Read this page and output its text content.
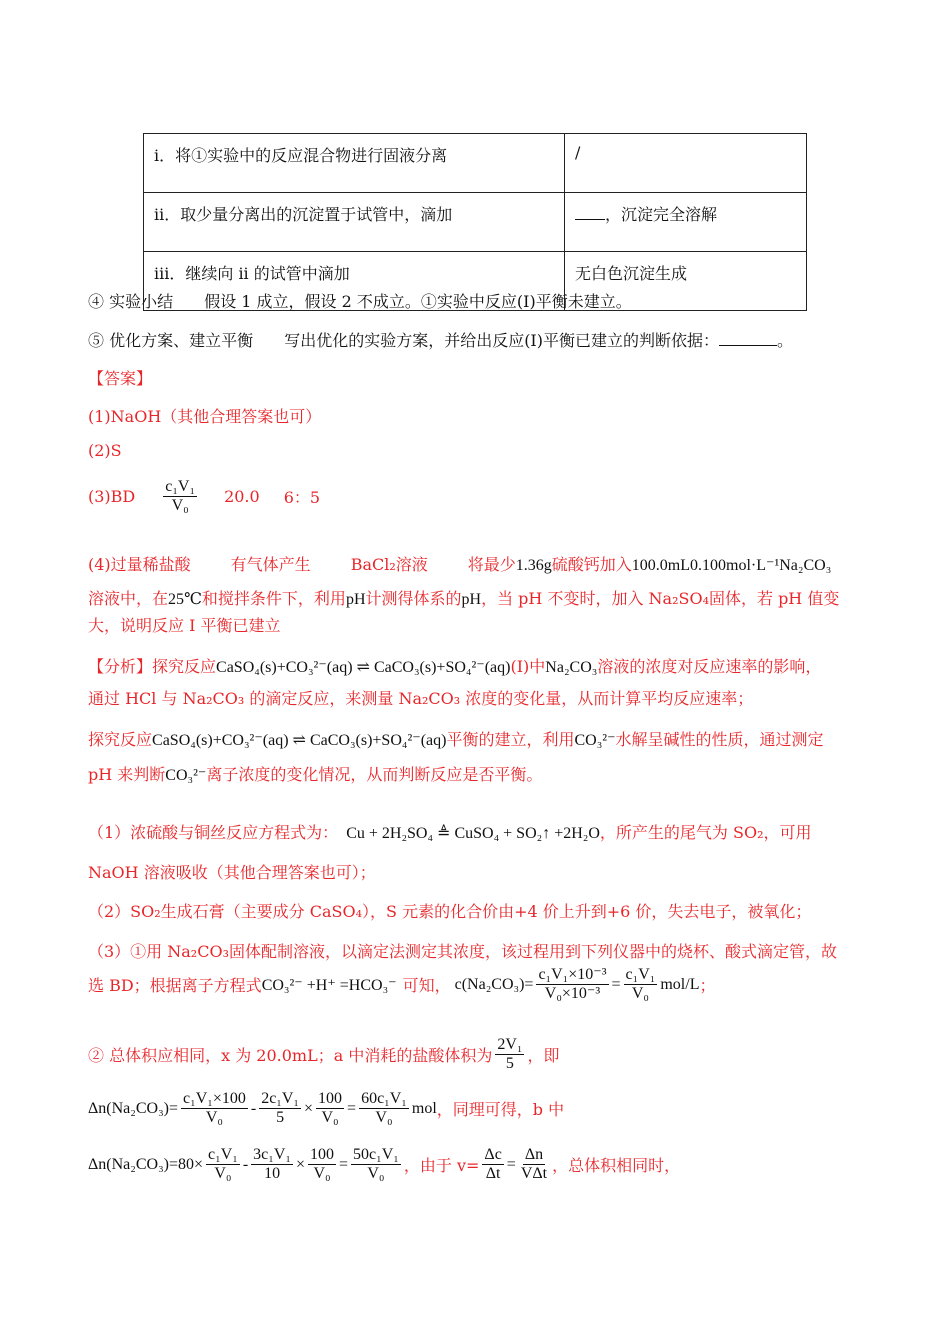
i．将①实验中的反应混合物进行固液分离	/
ii．取少量分离出的沉淀置于试管中，滴加	，沉淀完全溶解
iii．继续向 ii 的试管中滴加	无白色沉淀生成
④ 实验小结 假设 1 成立，假设 2 不成立。①实验中反应(I)平衡未建立。
⑤ 优化方案、建立平衡 写出优化的实验方案，并给出反应(I)平衡已建立的判断依据：	。
【答案】
(1)NaOH（其他合理答案也可）
(2)S
$(3)BD \frac{\text{c₁V₁}}{\text{V₀}} 20.0$ 6：5
(4)过量稀盐酸	有气体产生	BaCl₂溶液	将最少1.36g硫酸钙加入100.0mL0.100mol·L⁻¹Na₂CO₃
溶液中，在25℃和搅拌条件下，利用pH计测得体系的pH，当 pH 不变时，加入 Na₂SO₄固体，若 pH 值变
大，说明反应 I 平衡已建立
【分析】探究反应CaSO₄(s)+CO₃²⁻(aq) ⇌ CaCO₃(s)+SO₄²⁻(aq)(I)中Na₂CO₃溶液的浓度对反应速率的影响，
通过 HCl 与 Na₂CO₃ 的滴定反应，来测量 Na₂CO₃ 浓度的变化量，从而计算平均反应速率；
探究反应CaSO₄(s)+CO₃²⁻(aq) ⇌ CaCO₃(s)+SO₄²⁻(aq)平衡的建立，利用CO₃²⁻水解呈碱性的性质，通过测定
pH 来判断CO₃²⁻离子浓度的变化情况，从而判断反应是否平衡。
（1）浓硫酸与铜丝反应方程式为： Cu + 2H₂SO₄ ≜ CuSO₄ + SO₂↑ +2H₂O，所产生的尾气为 SO₂，可用
NaOH 溶液吸收（其他合理答案也可）；
（2）SO₂生成石膏（主要成分 CaSO₄），S 元素的化合价由+4 价上升到+6 价，失去电子，被氧化；
（3）①用 Na₂CO₃固体配制溶液，以滴定法测定其浓度，该过程用到下列仪器中的烧杯、酸式滴定管，故
选 BD；根据离子方程式 CO₃²⁻ +H⁺ =HCO₃⁻ 可知， $c(Na_2CO_3)= \frac{\text{c₁V₁×10⁻³}}{\text{V₀×10⁻³}} = \frac{\text{c₁V₁}}{\text{V₀}} mol/L$ ；
② 总体积应相同，x 为 20.0mL；a 中消耗的盐酸体积为 $\frac{\text{2V₁}}{5}$ ，即
$\Delta n(Na_2CO_3)= \frac{\text{c₁V₁×100}}{\text{V₀}} - \frac{\text{2c₁V₁}}{5} \times \frac{100}{\text{V₀}} = \frac{\text{60c₁V₁}}{\text{V₀}}$ mol ，同理可得，b 中
$\Delta n(Na_2CO_3)=80\times \frac{\text{c₁V₁}}{\text{V₀}} - \frac{\text{3c₁V₁}}{10} \times \frac{100}{\text{V₀}} = \frac{\text{50c₁V₁}}{\text{V₀}}$ ，由于 $v= \frac{\Delta c}{\Delta t} = \frac{\Delta n}{\text{VΔt}}$ ，总体积相同时，
